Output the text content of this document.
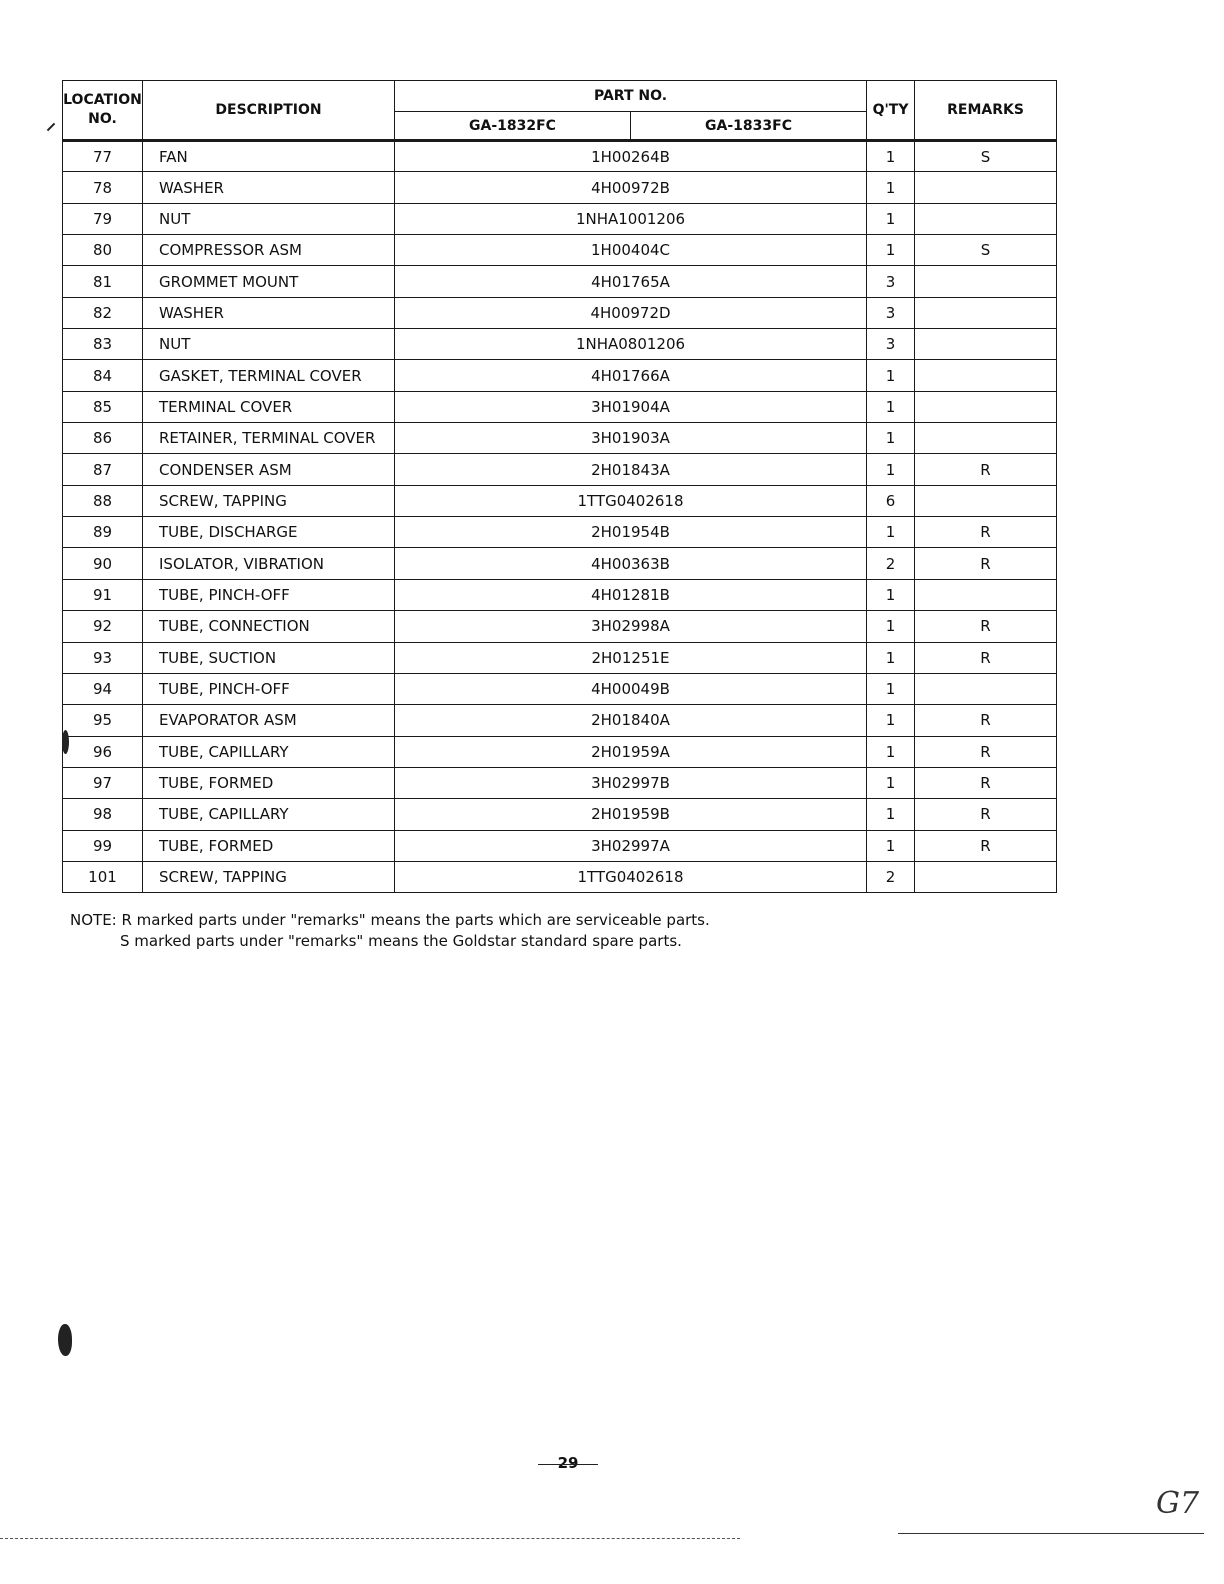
LOCATION NO.	DESCRIPTION	PART NO.		Q'TY	REMARKS
		GA-1832FC	GA-1833FC		
77	FAN	1H00264B		1	S
78	WASHER	4H00972B		1	
79	NUT	1NHA1001206		1	
80	COMPRESSOR ASM	1H00404C		1	S
81	GROMMET MOUNT	4H01765A		3	
82	WASHER	4H00972D		3	
83	NUT	1NHA0801206		3	
84	GASKET, TERMINAL COVER	4H01766A		1	
85	TERMINAL COVER	3H01904A		1	
86	RETAINER, TERMINAL COVER	3H01903A		1	
87	CONDENSER ASM	2H01843A		1	R
88	SCREW, TAPPING	1TTG0402618		6	
89	TUBE, DISCHARGE	2H01954B		1	R
90	ISOLATOR, VIBRATION	4H00363B		2	R
91	TUBE, PINCH-OFF	4H01281B		1	
92	TUBE, CONNECTION	3H02998A		1	R
93	TUBE, SUCTION	2H01251E		1	R
94	TUBE, PINCH-OFF	4H00049B		1	
95	EVAPORATOR ASM	2H01840A		1	R
96	TUBE, CAPILLARY	2H01959A		1	R
97	TUBE, FORMED	3H02997B		1	R
98	TUBE, CAPILLARY	2H01959B		1	R
99	TUBE, FORMED	3H02997A		1	R
101	SCREW, TAPPING	1TTG0402618		2	
NOTE: R marked parts under "remarks" means the parts which are serviceable parts.
S marked parts under "remarks" means the Goldstar standard spare parts.
29
G7
